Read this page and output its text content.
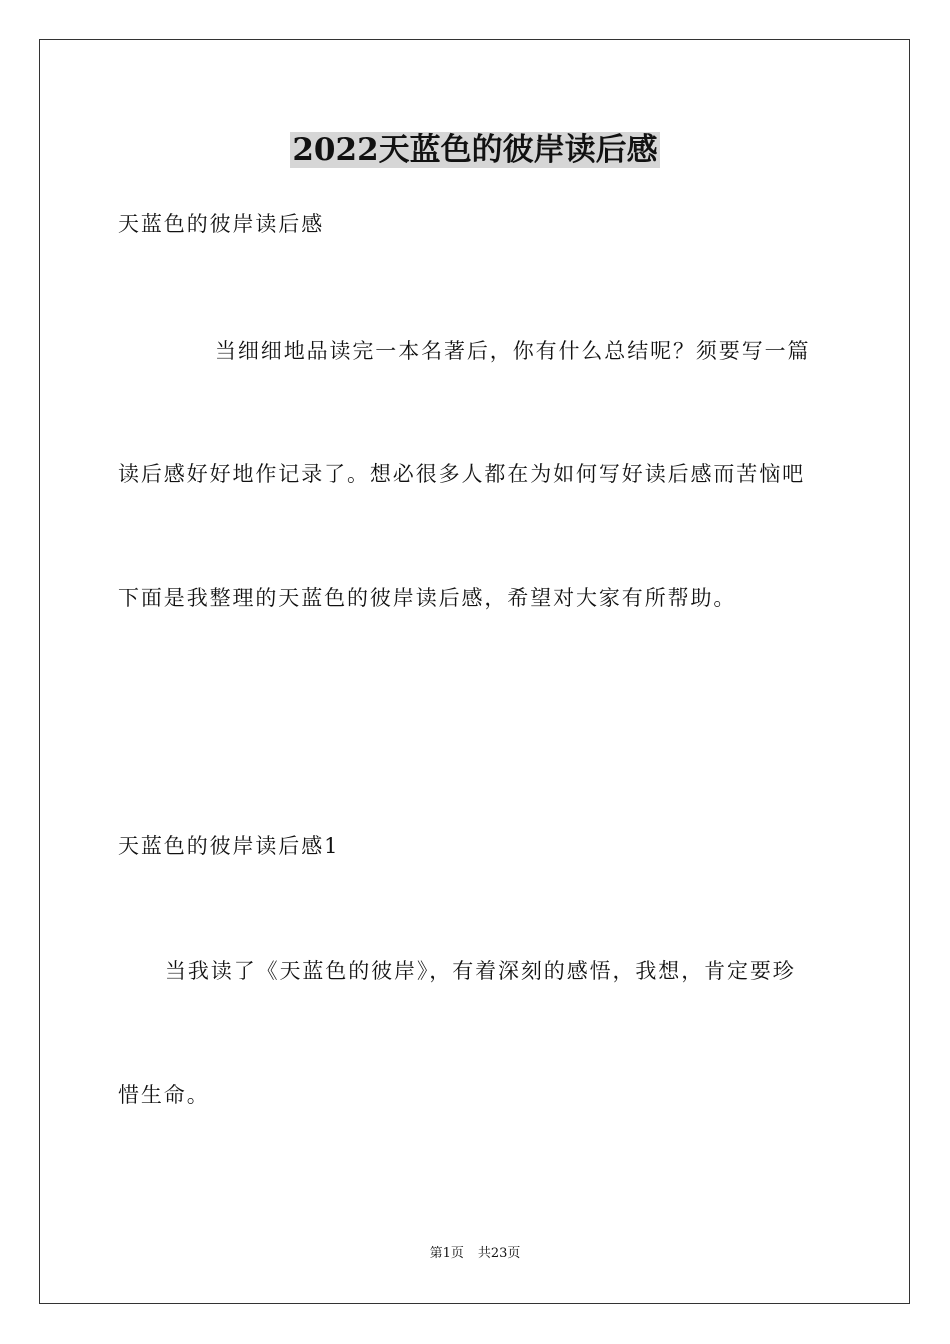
2022天蓝色的彼岸读后感
天蓝色的彼岸读后感
当细细地品读完一本名著后，你有什么总结呢？须要写一篇
读后感好好地作记录了。想必很多人都在为如何写好读后感而苦恼吧
下面是我整理的天蓝色的彼岸读后感，希望对大家有所帮助。
天蓝色的彼岸读后感1
当我读了《天蓝色的彼岸》，有着深刻的感悟，我想，肯定要珍
惜生命。
第1页 共23页
